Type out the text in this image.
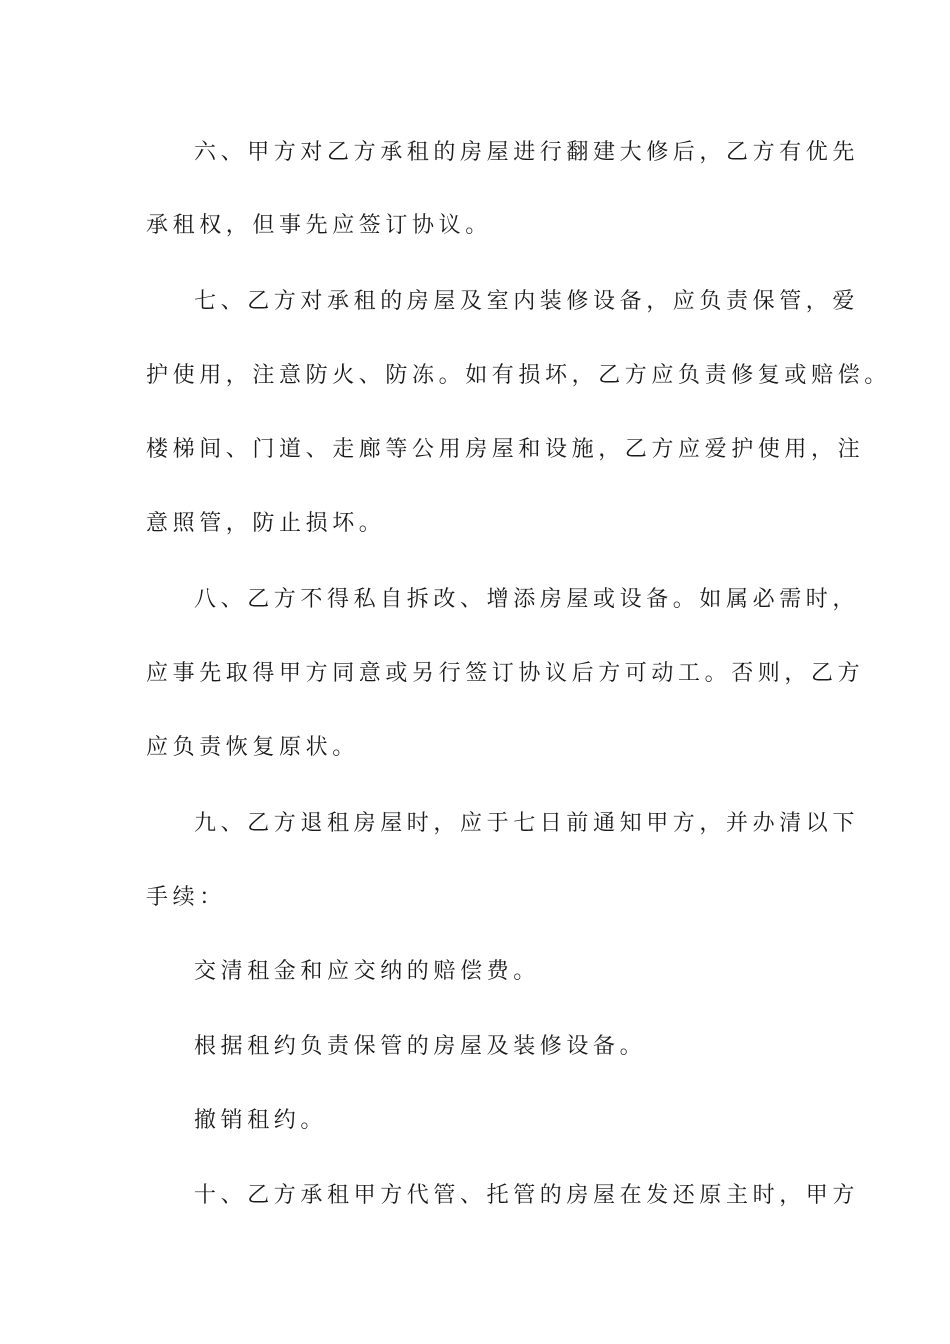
六、甲方对乙方承租的房屋进行翻建大修后，乙方有优先
承租权，但事先应签订协议。
七、乙方对承租的房屋及室内装修设备，应负责保管，爱
护使用，注意防火、防冻。如有损坏，乙方应负责修复或赔偿。
楼梯间、门道、走廊等公用房屋和设施，乙方应爱护使用，注
意照管，防止损坏。
八、乙方不得私自拆改、增添房屋或设备。如属必需时，
应事先取得甲方同意或另行签订协议后方可动工。否则，乙方
应负责恢复原状。
九、乙方退租房屋时，应于七日前通知甲方，并办清以下
手续：
交清租金和应交纳的赔偿费。
根据租约负责保管的房屋及装修设备。
撤销租约。
十、乙方承租甲方代管、托管的房屋在发还原主时，甲方
